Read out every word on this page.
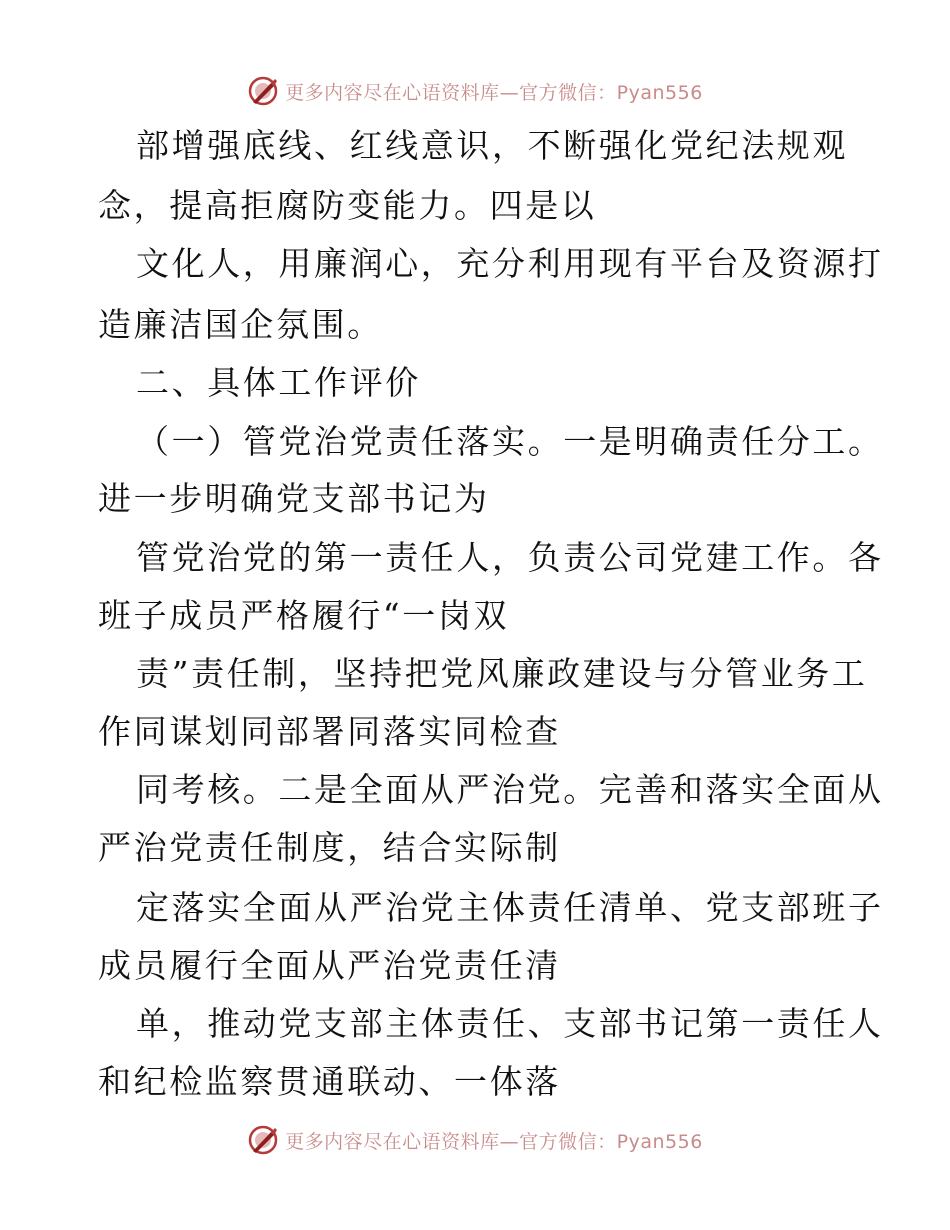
更多内容尽在心语资料库—官方微信：Pyan556
部增强底线、红线意识，不断强化党纪法规观
念，提高拒腐防变能力。四是以
文化人，用廉润心，充分利用现有平台及资源打
造廉洁国企氛围。
二、具体工作评价
（一）管党治党责任落实。一是明确责任分工。
进一步明确党支部书记为
管党治党的第一责任人，负责公司党建工作。各
班子成员严格履行“一岗双
责”责任制，坚持把党风廉政建设与分管业务工
作同谋划同部署同落实同检查
同考核。二是全面从严治党。完善和落实全面从
严治党责任制度，结合实际制
定落实全面从严治党主体责任清单、党支部班子
成员履行全面从严治党责任清
单，推动党支部主体责任、支部书记第一责任人
和纪检监察贯通联动、一体落
更多内容尽在心语资料库—官方微信：Pyan556
